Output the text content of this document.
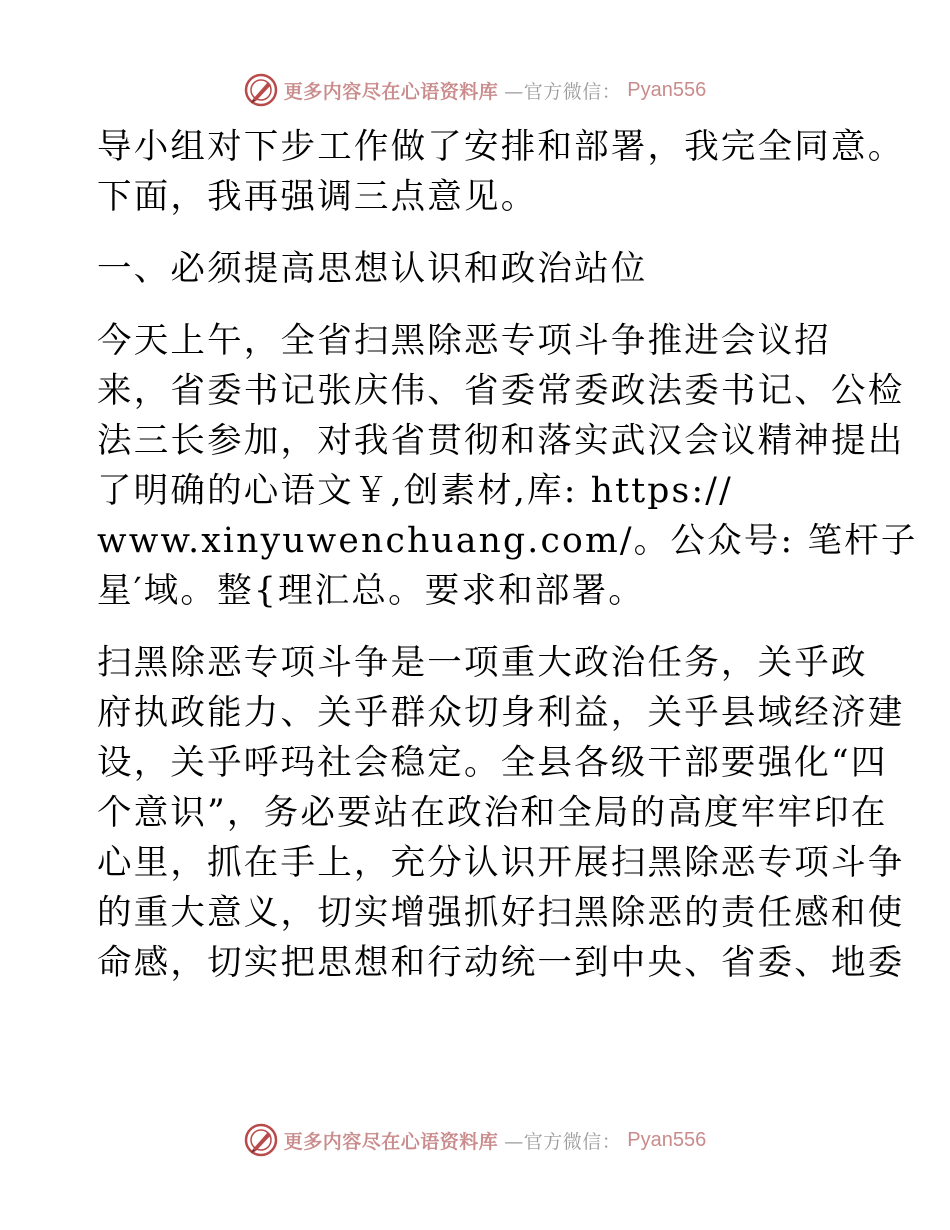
更多内容尽在心语资料库 —官方微信： Pyan556
导小组对下步工作做了安排和部署，我完全同意。
下面，我再强调三点意见。
一、必须提高思想认识和政治站位
今天上午，全省扫黑除恶专项斗争推进会议招
来，省委书记张庆伟、省委常委政法委书记、公检
法三长参加，对我省贯彻和落实武汉会议精神提出
了明确的心语文￥,创素材,库: https://
www.xinyuwenchuang.com/。公众号: 笔杆子
星′域。整{理汇总。要求和部署。
扫黑除恶专项斗争是一项重大政治任务，关乎政
府执政能力、关乎群众切身利益，关乎县域经济建
设，关乎呼玛社会稳定。全县各级干部要强化“四
个意识”，务必要站在政治和全局的高度牢牢印在
心里，抓在手上，充分认识开展扫黑除恶专项斗争
的重大意义，切实增强抓好扫黑除恶的责任感和使
命感，切实把思想和行动统一到中央、省委、地委
更多内容尽在心语资料库 —官方微信： Pyan556
